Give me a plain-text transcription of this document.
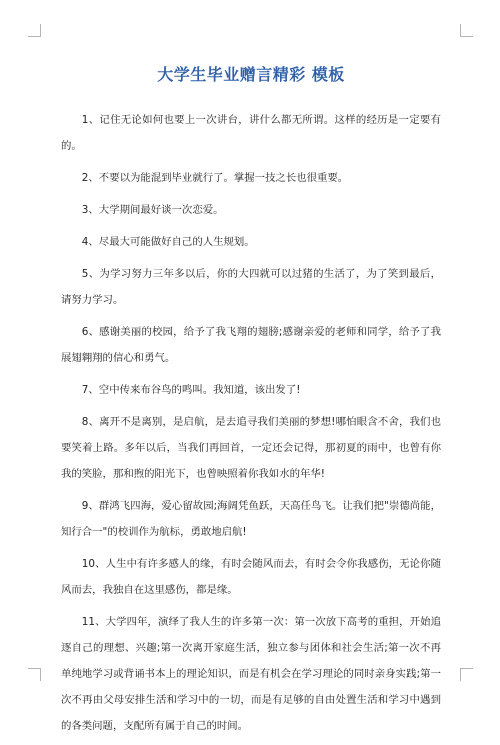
大学生毕业赠言精彩 模板

1、记住无论如何也要上一次讲台，讲什么都无所谓。这样的经历是一定要有的。

2、不要以为能混到毕业就行了。掌握一技之长也很重要。

3、大学期间最好谈一次恋爱。

4、尽最大可能做好自己的人生规划。

5、为学习努力三年多以后，你的大四就可以过猪的生活了，为了笑到最后，请努力学习。

6、感谢美丽的校园，给予了我飞翔的翅膀;感谢亲爱的老师和同学，给予了我展翅翱翔的信心和勇气。

7、空中传来布谷鸟的鸣叫。我知道，该出发了!

8、离开不是离别，是启航，是去追寻我们美丽的梦想!哪怕眼含不舍，我们也要笑着上路。多年以后，当我们再回首，一定还会记得，那初夏的雨中，也曾有你我的笑脸，那和煦的阳光下，也曾映照着你我如水的年华!

9、群鸿飞四海，爱心留故园;海阔凭鱼跃，天高任鸟飞。让我们把"崇德尚能，知行合一"的校训作为航标，勇敢地启航!

10、人生中有许多感人的缘，有时会随风而去，有时会令你我感伤，无论你随风而去，我独自在这里感伤，都是缘。

11、大学四年，演绎了我人生的许多第一次：第一次放下高考的重担，开始追逐自己的理想、兴趣;第一次离开家庭生活，独立参与团体和社会生活;第一次不再单纯地学习或背诵书本上的理论知识，而是有机会在学习理论的同时亲身实践;第一次不再由父母安排生活和学习中的一切，而是有足够的自由处置生活和学习中遇到的各类问题，支配所有属于自己的时间。
